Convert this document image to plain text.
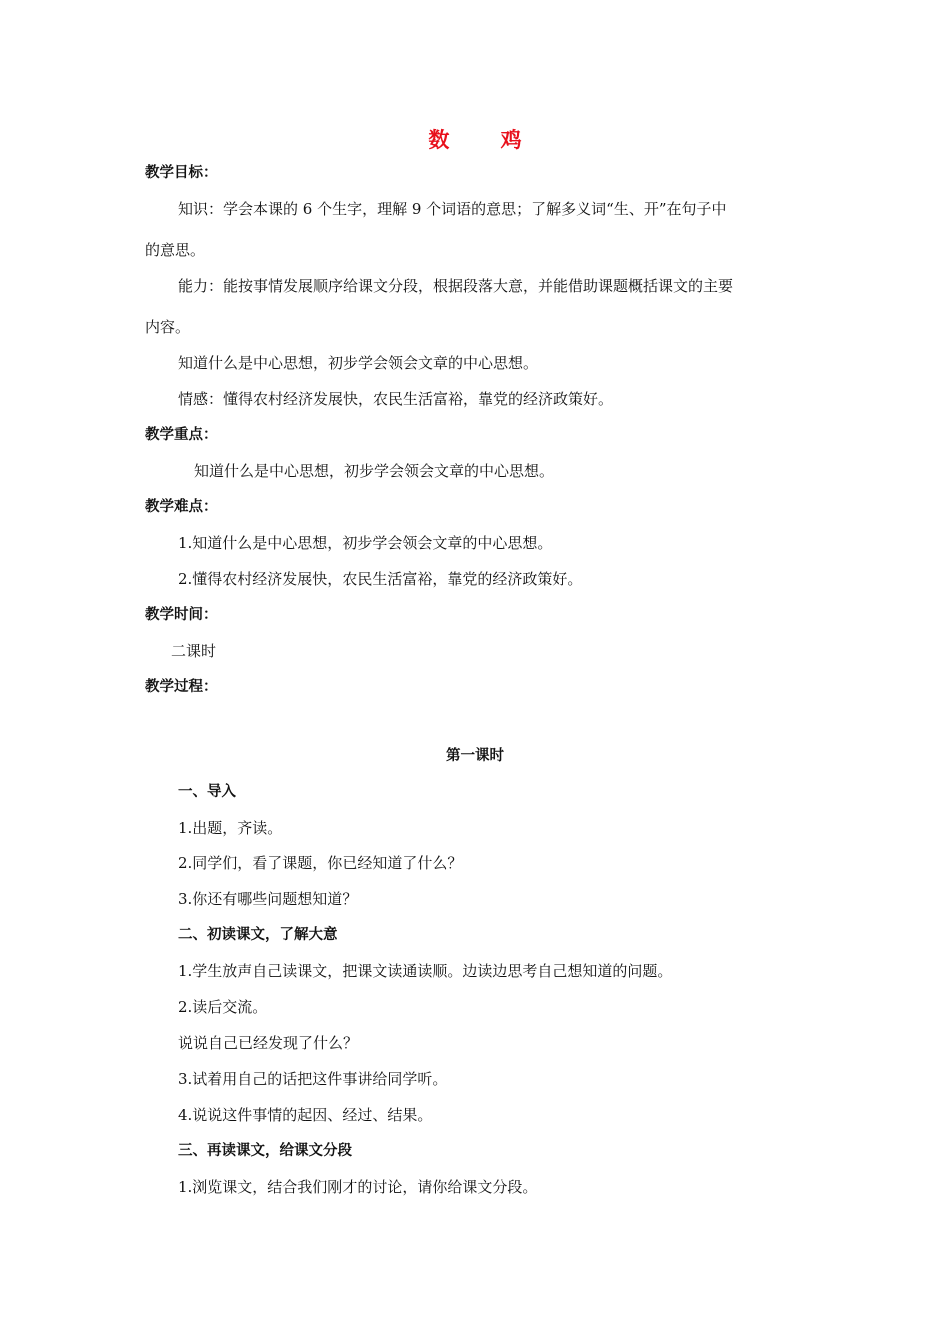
数 鸡
教学目标：
知识：学会本课的 6 个生字，理解 9 个词语的意思；了解多义词“生、开”在句子中
的意思。
能力：能按事情发展顺序给课文分段，根据段落大意，并能借助课题概括课文的主要
内容。
知道什么是中心思想，初步学会领会文章的中心思想。
情感：懂得农村经济发展快，农民生活富裕，靠党的经济政策好。
教学重点：
知道什么是中心思想，初步学会领会文章的中心思想。
教学难点：
1.知道什么是中心思想，初步学会领会文章的中心思想。
2.懂得农村经济发展快，农民生活富裕，靠党的经济政策好。
教学时间：
二课时
教学过程：
第一课时
一、导入
1.出题，齐读。
2.同学们，看了课题，你已经知道了什么？
3.你还有哪些问题想知道？
二、初读课文，了解大意
1.学生放声自己读课文，把课文读通读顺。边读边思考自己想知道的问题。
2.读后交流。
说说自己已经发现了什么？
3.试着用自己的话把这件事讲给同学听。
4.说说这件事情的起因、经过、结果。
三、再读课文，给课文分段
1.浏览课文，结合我们刚才的讨论，请你给课文分段。
